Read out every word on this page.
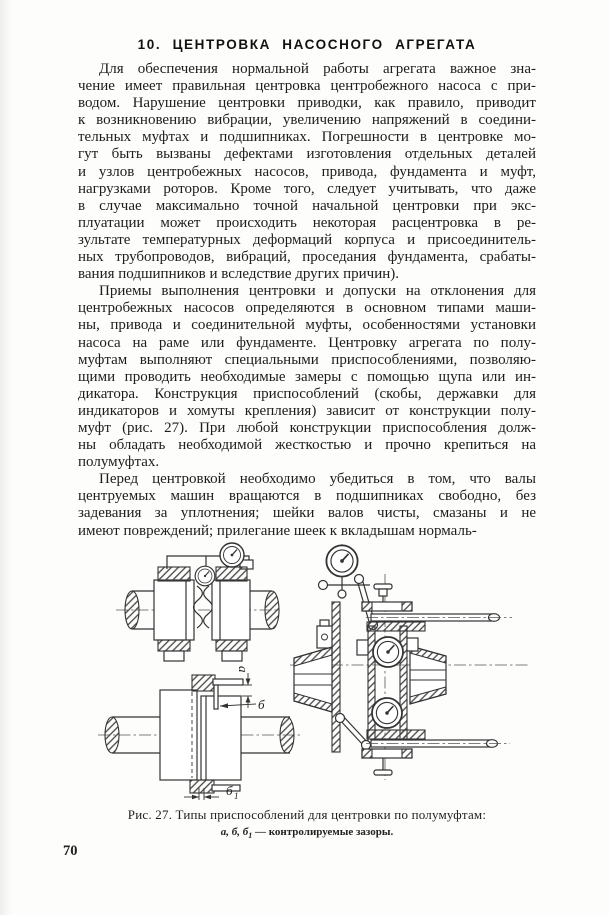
10. ЦЕНТРОВКА НАСОСНОГО АГРЕГАТА
Для обеспечения нормальной работы агрегата важное зна-
чение имеет правильная центровка центробежного насоса с при-
водом. Нарушение центровки приводки, как правило, приводит
к возникновению вибрации, увеличению напряжений в соедини-
тельных муфтах и подшипниках. Погрешности в центровке мо-
гут быть вызваны дефектами изготовления отдельных деталей
и узлов центробежных насосов, привода, фундамента и муфт,
нагрузками роторов. Кроме того, следует учитывать, что даже
в случае максимально точной начальной центровки при экс-
плуатации может происходить некоторая расцентровка в ре-
зультате температурных деформаций корпуса и присоединитель-
ных трубопроводов, вибраций, проседания фундамента, срабаты-
вания подшипников и вследствие других причин).
Приемы выполнения центровки и допуски на отклонения для
центробежных насосов определяются в основном типами маши-
ны, привода и соединительной муфты, особенностями установки
насоса на раме или фундаменте. Центровку агрегата по полу-
муфтам выполняют специальными приспособлениями, позволяю-
щими проводить необходимые замеры с помощью щупа или ин-
дикатора. Конструкция приспособлений (скобы, державки для
индикаторов и хомуты крепления) зависит от конструкции полу-
муфт (рис. 27). При любой конструкции приспособления долж-
ны обладать необходимой жесткостью и прочно крепиться на
полумуфтах.
Перед центровкой необходимо убедиться в том, что валы
центруемых машин вращаются в подшипниках свободно, без
задевания за уплотнения; шейки валов чисты, смазаны и не
имеют повреждений; прилегание шеек к вкладышам нормаль-
а
б
б 1
Рис. 27. Типы приспособлений для центровки по полумуфтам:
а, б, $б_1$ — контролируемые зазоры.
70
